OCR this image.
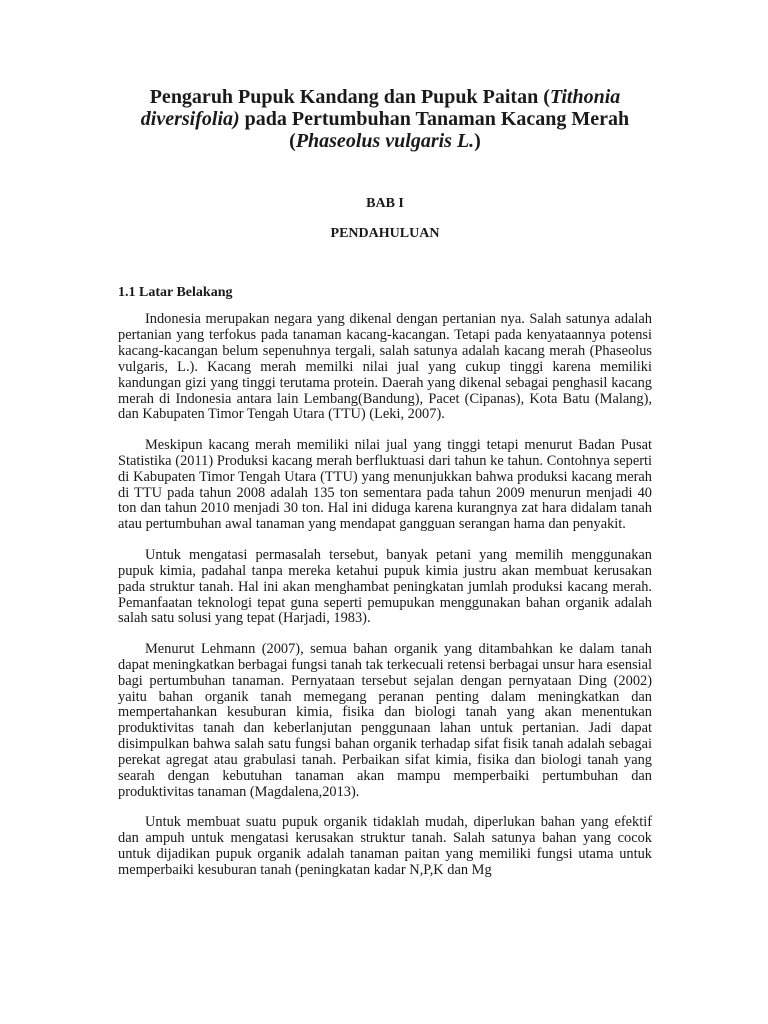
Pengaruh Pupuk Kandang dan Pupuk Paitan (Tithonia diversifolia) pada Pertumbuhan Tanaman Kacang Merah (Phaseolus vulgaris L.)
BAB I
PENDAHULUAN
1.1 Latar Belakang

Indonesia merupakan negara yang dikenal dengan pertanian nya. Salah satunya adalah pertanian yang terfokus pada tanaman kacang-kacangan. Tetapi pada kenyataannya potensi kacang-kacangan belum sepenuhnya tergali, salah satunya adalah kacang merah (Phaseolus vulgaris, L.). Kacang merah memilki nilai jual yang cukup tinggi karena memiliki kandungan gizi yang tinggi terutama protein. Daerah yang dikenal sebagai penghasil kacang merah di Indonesia antara lain Lembang(Bandung), Pacet (Cipanas), Kota Batu (Malang), dan Kabupaten Timor Tengah Utara (TTU) (Leki, 2007).

Meskipun kacang merah memiliki nilai jual yang tinggi tetapi menurut Badan Pusat Statistika (2011) Produksi kacang merah berfluktuasi dari tahun ke tahun. Contohnya seperti di Kabupaten Timor Tengah Utara (TTU) yang menunjukkan bahwa produksi kacang merah di TTU pada tahun 2008 adalah 135 ton sementara pada tahun 2009 menurun menjadi 40 ton dan tahun 2010 menjadi 30 ton. Hal ini diduga karena kurangnya zat hara didalam tanah atau pertumbuhan awal tanaman yang mendapat gangguan serangan hama dan penyakit.

Untuk mengatasi permasalah tersebut, banyak petani yang memilih menggunakan pupuk kimia, padahal tanpa mereka ketahui pupuk kimia justru akan membuat kerusakan pada struktur tanah. Hal ini akan menghambat peningkatan jumlah produksi kacang merah. Pemanfaatan teknologi tepat guna seperti pemupukan menggunakan bahan organik adalah salah satu solusi yang tepat (Harjadi, 1983).

Menurut Lehmann (2007), semua bahan organik yang ditambahkan ke dalam tanah dapat meningkatkan berbagai fungsi tanah tak terkecuali retensi berbagai unsur hara esensial bagi pertumbuhan tanaman. Pernyataan tersebut sejalan dengan pernyataan Ding (2002) yaitu bahan organik tanah memegang peranan penting dalam meningkatkan dan mempertahankan kesuburan kimia, fisika dan biologi tanah yang akan menentukan produktivitas tanah dan keberlanjutan penggunaan lahan untuk pertanian. Jadi dapat disimpulkan bahwa salah satu fungsi bahan organik terhadap sifat fisik tanah adalah sebagai perekat agregat atau grabulasi tanah. Perbaikan sifat kimia, fisika dan biologi tanah yang searah dengan kebutuhan tanaman akan mampu memperbaiki pertumbuhan dan produktivitas tanaman (Magdalena,2013).

Untuk membuat suatu pupuk organik tidaklah mudah, diperlukan bahan yang efektif dan ampuh untuk mengatasi kerusakan struktur tanah. Salah satunya bahan yang cocok untuk dijadikan pupuk organik adalah tanaman paitan yang memiliki fungsi utama untuk memperbaiki kesuburan tanah (peningkatan kadar N,P,K dan Mg
